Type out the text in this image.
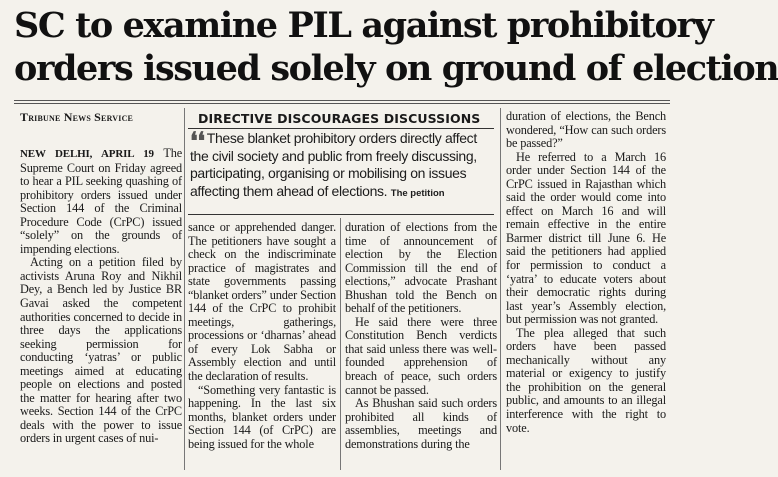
SC to examine PIL against prohibitory
orders issued solely on ground of election
Tribune News Service

NEW DELHI, APRIL 19 The Supreme Court on Friday agreed to hear a PIL seeking quashing of prohibitory orders issued under Section 144 of the Criminal Procedure Code (CrPC) issued “solely” on the grounds of impending elections.

Acting on a petition filed by activists Aruna Roy and Nikhil Dey, a Bench led by Justice BR Gavai asked the competent authorities concerned to decide in three days the applications seeking permission for conducting ‘yatras’ or public meetings aimed at educating people on elections and posted the matter for hearing after two weeks. Section 144 of the CrPC deals with the power to issue orders in urgent cases of nui-

DIRECTIVE DISCOURAGES DISCUSSIONS
❛❛ These blanket prohibitory orders directly affect the civil society and public from freely discussing, participating, organising or mobilising on issues affecting them ahead of elections. The petition

sance or apprehended danger. The petitioners have sought a check on the indiscriminate practice of magistrates and state governments passing “blanket orders” under Section 144 of the CrPC to prohibit meetings, gatherings, processions or ‘dharnas’ ahead of every Lok Sabha or Assembly election and until the declaration of results.

“Something very fantastic is happening. In the last six months, blanket orders under Section 144 (of CrPC) are being issued for the whole

duration of elections from the time of announcement of election by the Election Commission till the end of elections,” advocate Prashant Bhushan told the Bench on behalf of the petitioners.

He said there were three Constitution Bench verdicts that said unless there was well-founded apprehension of breach of peace, such orders cannot be passed.

As Bhushan said such orders prohibited all kinds of assemblies, meetings and demonstrations during the

duration of elections, the Bench wondered, “How can such orders be passed?”

He referred to a March 16 order under Section 144 of the CrPC issued in Rajasthan which said the order would come into effect on March 16 and will remain effective in the entire Barmer district till June 6. He said the petitioners had applied for permission to conduct a ‘yatra’ to educate voters about their democratic rights during last year’s Assembly election, but permission was not granted.

The plea alleged that such orders have been passed mechanically without any material or exigency to justify the prohibition on the general public, and amounts to an illegal interference with the right to vote.
